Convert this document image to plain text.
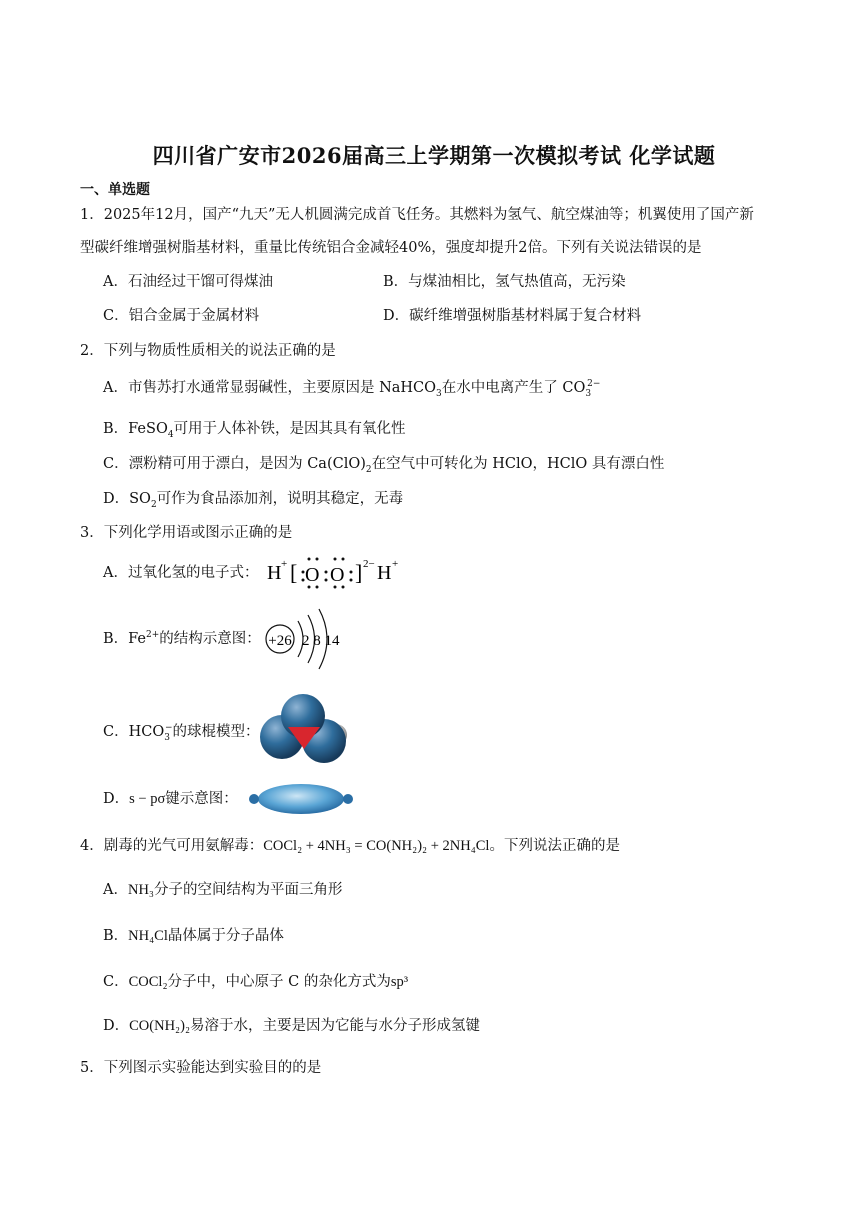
四川省广安市2026届高三上学期第一次模拟考试 化学试题
一、单选题
1．2025年12月，国产“九天”无人机圆满完成首飞任务。其燃料为氢气、航空煤油等；机翼使用了国产新
型碳纤维增强树脂基材料，重量比传统铝合金减轻40%，强度却提升2倍。下列有关说法错误的是
A．石油经过干馏可得煤油	B．与煤油相比，氢气热值高，无污染
C．铝合金属于金属材料	D．碳纤维增强树脂基材料属于复合材料
2．下列与物质性质相关的说法正确的是
A．市售苏打水通常显弱碱性，主要原因是 NaHCO$_3$在水中电离产生了 $CO_3^{2-}$
B．FeSO$_4$可用于人体补铁，是因其具有氧化性
C．漂粉精可用于漂白，是因为 $Ca(ClO)_2$在空气中可转化为 HClO，HClO 具有漂白性
D．$SO_2$可作为食品添加剂，说明其稳定，无毒
3．下列化学用语或图示正确的是
A．过氧化氢的电子式： H + [ O O ] 2− H +
B．$Fe^{2+}$的结构示意图： +26 2 8 14
C．$HCO_3^-$的球棍模型：
D．s − pσ键示意图：
4．剧毒的光气可用氨解毒：COCl₂ + 4NH₃ = CO(NH₂)₂ + 2NH₄Cl。下列说法正确的是
A．NH₃分子的空间结构为平面三角形
B．NH₄Cl晶体属于分子晶体
C．COCl₂分子中，中心原子 C 的杂化方式为sp³
D．CO(NH₂)₂易溶于水，主要是因为它能与水分子形成氢键
5．下列图示实验能达到实验目的的是
